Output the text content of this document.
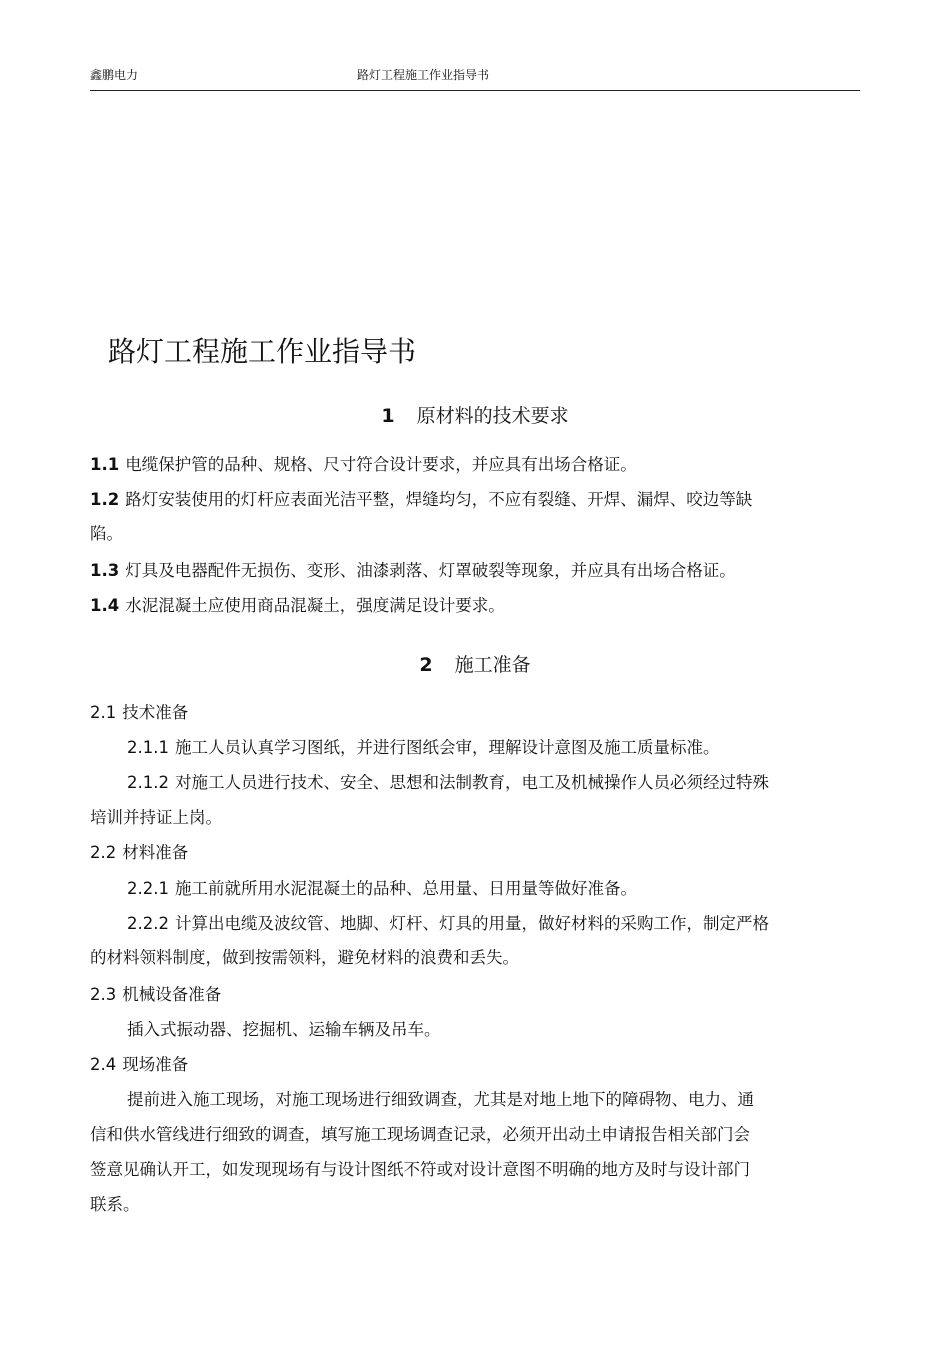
鑫鹏电力	路灯工程施工作业指导书
路灯工程施工作业指导书
1 原材料的技术要求
1.1 电缆保护管的品种、规格、尺寸符合设计要求，并应具有出场合格证。
1.2 路灯安装使用的灯杆应表面光洁平整，焊缝均匀，不应有裂缝、开焊、漏焊、咬边等缺
陷。
1.3 灯具及电器配件无损伤、变形、油漆剥落、灯罩破裂等现象，并应具有出场合格证。
1.4 水泥混凝土应使用商品混凝土，强度满足设计要求。
2 施工准备
2.1 技术准备
2.1.1 施工人员认真学习图纸，并进行图纸会审，理解设计意图及施工质量标准。
2.1.2 对施工人员进行技术、安全、思想和法制教育，电工及机械操作人员必须经过特殊
培训并持证上岗。
2.2 材料准备
2.2.1 施工前就所用水泥混凝土的品种、总用量、日用量等做好准备。
2.2.2 计算出电缆及波纹管、地脚、灯杆、灯具的用量，做好材料的采购工作，制定严格
的材料领料制度，做到按需领料，避免材料的浪费和丢失。
2.3 机械设备准备
插入式振动器、挖掘机、运输车辆及吊车。
2.4 现场准备
提前进入施工现场，对施工现场进行细致调查，尤其是对地上地下的障碍物、电力、通
信和供水管线进行细致的调查，填写施工现场调查记录，必须开出动土申请报告相关部门会
签意见确认开工，如发现现场有与设计图纸不符或对设计意图不明确的地方及时与设计部门
联系。
